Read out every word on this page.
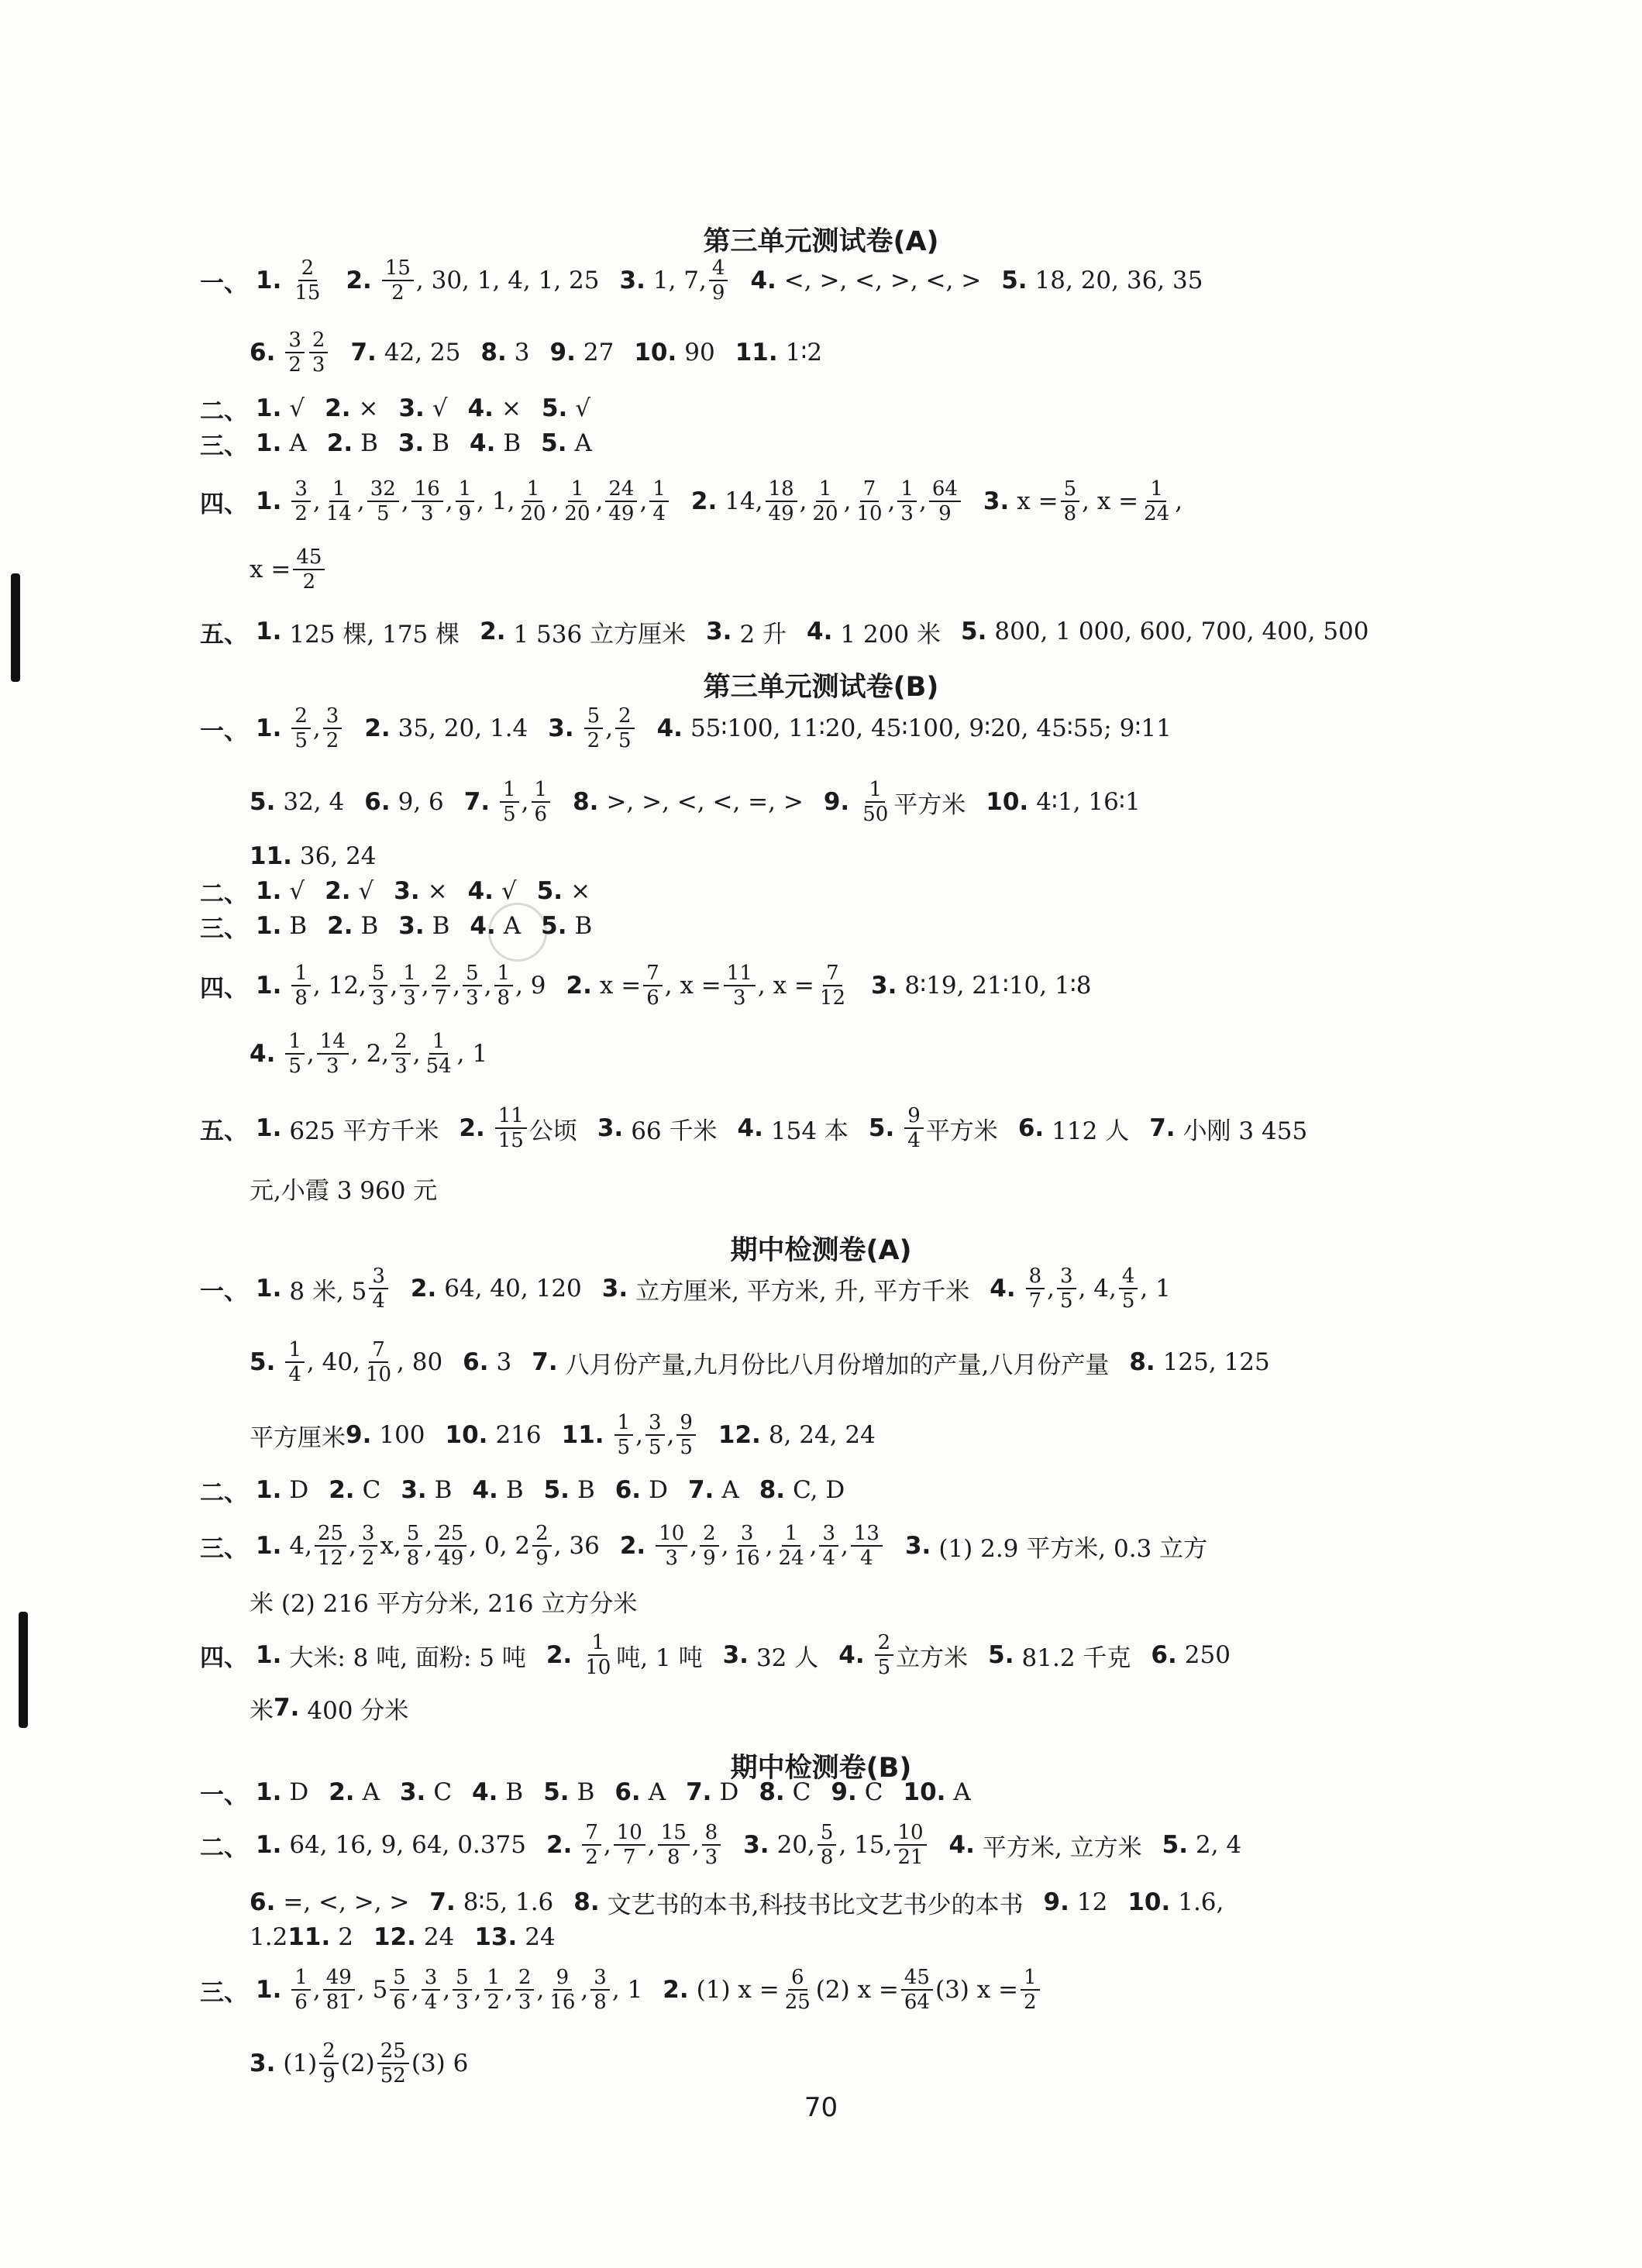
70
第三单元测试卷(A)
一、 1. $\frac{2}{15} 2$. $\frac{15}{2}$ , 30, 1, 4, 1, 25 3. 1, 7, $\frac{4}{9} 4$. <, >, <, >, <, > 5. 18, 20, 36, 35
6. $\frac{3}{2} \frac{2}{3} 7$. 42, 25 8. 3 9. 27 10. 90 11. 1∶2
二、 1. √ 2. × 3. √ 4. × 5. √
三、 1. A 2. B 3. B 4. B 5. A
四、 1. $\frac{3}{2}$ , $\frac{1}{14}$ , $\frac{32}{5}$ , $\frac{16}{3}$ , $\frac{1}{9}$ , 1, $\frac{1}{20}$ , $\frac{1}{20}$ , $\frac{24}{49}$ , $\frac{1}{4} 2$. 14, $\frac{18}{49}$ , $\frac{1}{20}$ , $\frac{7}{10}$ , $\frac{1}{3}$ , $\frac{64}{9} 3$. $x = \frac{5}{8}$ , $x = \frac{1}{24}$ ,
$x = \frac{45}{2}$
五、 1. 125 棵, 175 棵 2. 1 536 立方厘米 3. 2 升 4. 1 200 米 5. 800, 1 000, 600, 700, 400, 500
第三单元测试卷(B)
一、 1. $\frac{2}{5}$ , $\frac{3}{2} 2$. 35, 20, 1.4 3. $\frac{5}{2}$ , $\frac{2}{5} 4$. 55∶100, 11∶20, 45∶100, 9∶20, 45∶55; 9∶11
5. 32, 4 6. 9, 6 7. $\frac{1}{5}$ , $\frac{1}{6} 8$. >, >, <, <, =, > 9. $\frac{1}{50}$ 平方米 10. 4∶1, 16∶1
11. 36, 24
二、 1. √ 2. √ 3. × 4. √ 5. ×
三、 1. B 2. B 3. B 4. A 5. B
四、 1. $\frac{1}{8}$ , 12, $\frac{5}{3}$ , $\frac{1}{3}$ , $\frac{2}{7}$ , $\frac{5}{3}$ , $\frac{1}{8}$ , 9 2. $x = \frac{7}{6}$ , $x = \frac{11}{3}$ , $x = \frac{7}{12} 3$. 8∶19, 21∶10, 1∶8
4. $\frac{1}{5}$ , $\frac{14}{3}$ , 2, $\frac{2}{3}$ , $\frac{1}{54}$ , 1
五、 1. 625 平方千米 2. $\frac{11}{15}$ 公顷 3. 66 千米 4. 154 本 5. $\frac{9}{4}$ 平方米 6. 112 人 7. 小刚 3 455
元,小霞 3 960 元
期中检测卷(A)
一、 1. 8 米, $5 \frac{3}{4} 2$. 64, 40, 120 3. 立方厘米, 平方米, 升, 平方千米 4. $\frac{8}{7}$ , $\frac{3}{5}$ , 4, $\frac{4}{5}$ , 1
5. $\frac{1}{4}$ , 40, $\frac{7}{10}$ , 80 6. 3 7. 八月份产量,九月份比八月份增加的产量,八月份产量 8. 125, 125
平方厘米 9. 100 10. 216 11. $\frac{1}{5}$ , $\frac{3}{5}$ , $\frac{9}{5} 12$. 8, 24, 24
二、 1. D 2. C 3. B 4. B 5. B 6. D 7. A 8. C, D
三、 1. 4, $\frac{25}{12}$ , $\frac{3}{2} x$, $\frac{5}{8}$ , $\frac{25}{49}$ , 0, $2 \frac{2}{9}$ , 36 2. $\frac{10}{3}$ , $\frac{2}{9}$ , $\frac{3}{16}$ , $\frac{1}{24}$ , $\frac{3}{4}$ , $\frac{13}{4} 3$. (1) 2.9 平方米, 0.3 立方
米 (2) 216 平方分米, 216 立方分米
四、 1. 大米: 8 吨, 面粉: 5 吨 2. $\frac{1}{10}$ 吨, 1 吨 3. 32 人 4. $\frac{2}{5}$ 立方米 5. 81.2 千克 6. 250
米 7. 400 分米
期中检测卷(B)
一、 1. D 2. A 3. C 4. B 5. B 6. A 7. D 8. C 9. C 10. A
二、 1. 64, 16, 9, 64, 0.375 2. $\frac{7}{2}$ , $\frac{10}{7}$ , $\frac{15}{8}$ , $\frac{8}{3} 3$. 20, $\frac{5}{8}$ , 15, $\frac{10}{21} 4$. 平方米, 立方米 5. 2, 4
6. =, <, >, > 7. 8∶5, 1.6 8. 文艺书的本书,科技书比文艺书少的本书 9. 12 10. 1.6,
1.2 11. 2 12. 24 13. 24
三、 1. $\frac{1}{6}$ , $\frac{49}{81}$ , $5 \frac{5}{6}$ , $\frac{3}{4}$ , $\frac{5}{3}$ , $\frac{1}{2}$ , $\frac{2}{3}$ , $\frac{9}{16}$ , $\frac{3}{8}$ , 1 2. (1) $x = \frac{6}{25} (2) x = \frac{45}{64} (3) x = \frac{1}{2}$
3. $(1) \frac{2}{9} (2) \frac{25}{52} (3)$ 6
